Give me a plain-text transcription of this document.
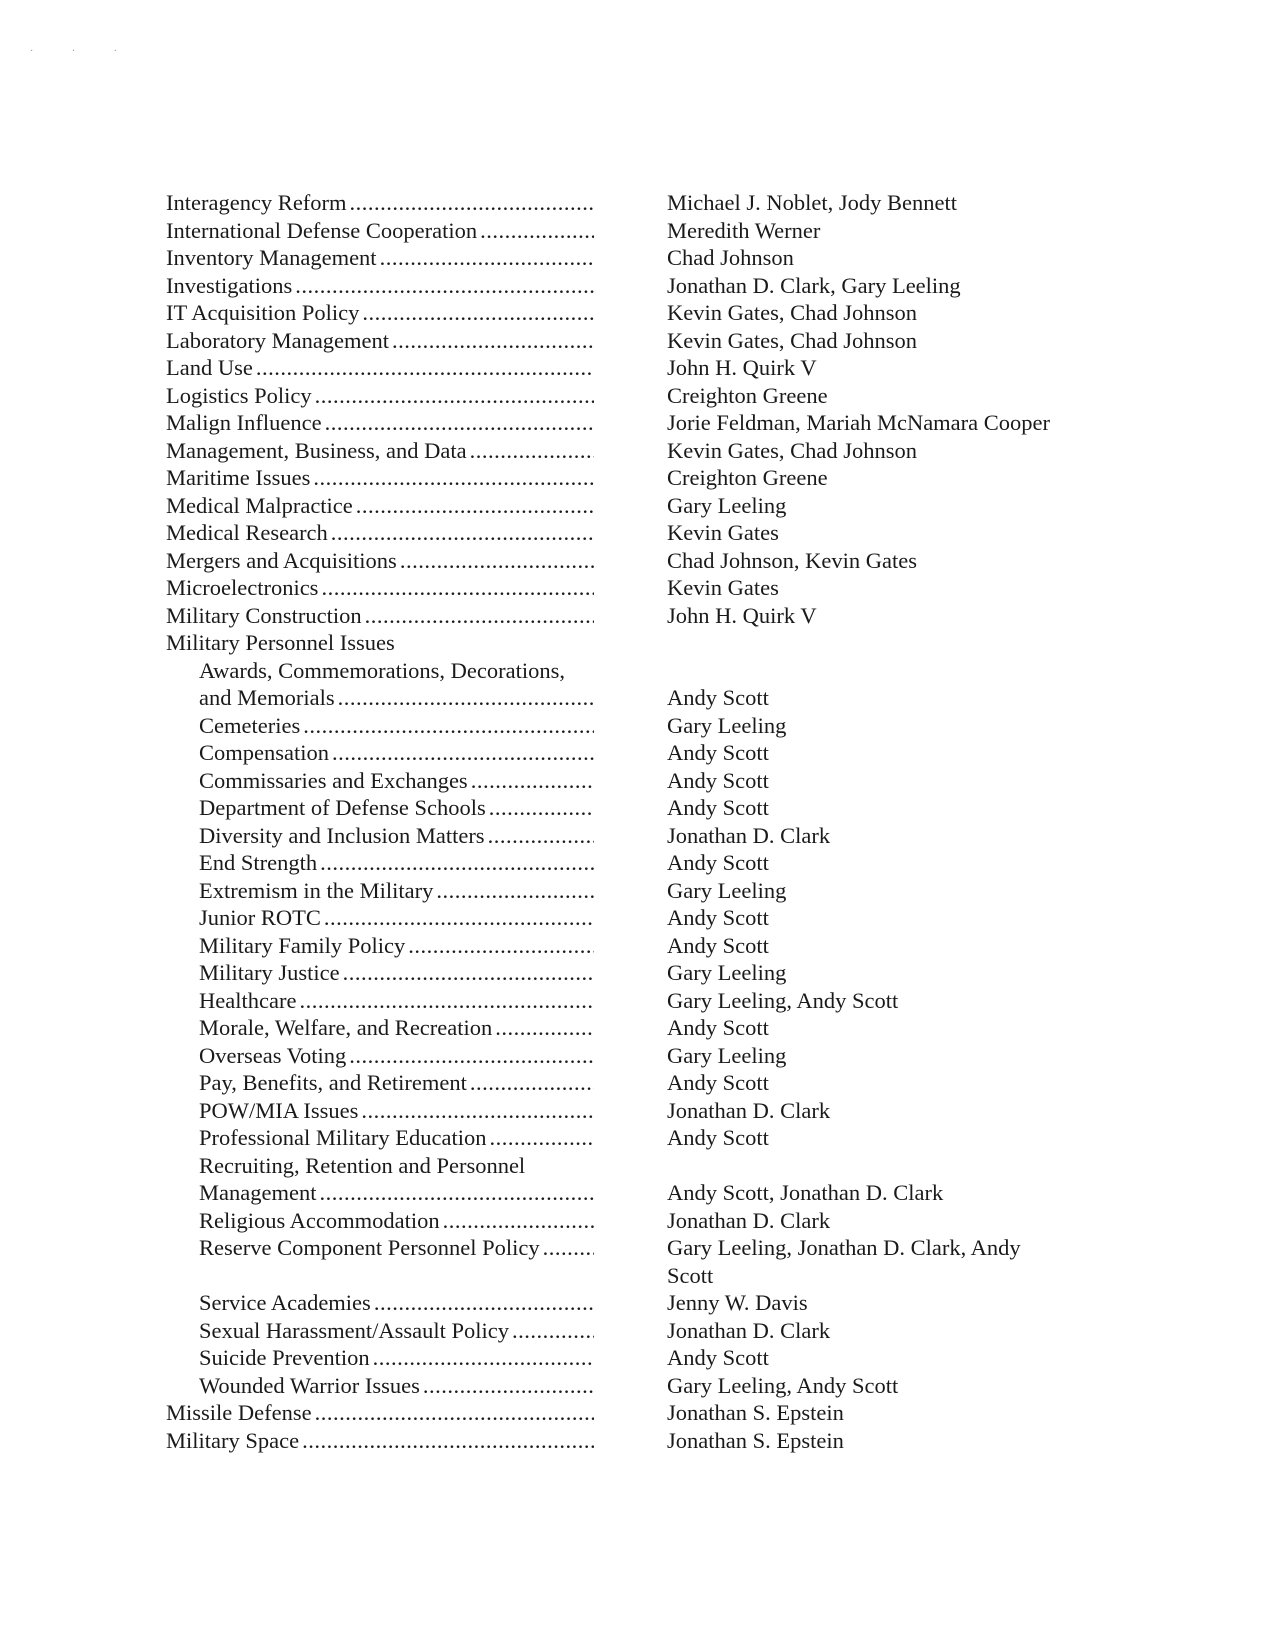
· · ·
Interagency Reform .....	Michael J. Noblet, Jody Bennett
International Defense Cooperation .....	Meredith Werner
Inventory Management .....	Chad Johnson
Investigations .....	Jonathan D. Clark, Gary Leeling
IT Acquisition Policy .....	Kevin Gates, Chad Johnson
Laboratory Management .....	Kevin Gates, Chad Johnson
Land Use .....	John H. Quirk V
Logistics Policy .....	Creighton Greene
Malign Influence .....	Jorie Feldman, Mariah McNamara Cooper
Management, Business, and Data .....	Kevin Gates, Chad Johnson
Maritime Issues .....	Creighton Greene
Medical Malpractice .....	Gary Leeling
Medical Research .....	Kevin Gates
Mergers and Acquisitions .....	Chad Johnson, Kevin Gates
Microelectronics .....	Kevin Gates
Military Construction .....	John H. Quirk V
Military Personnel Issues

Awards, Commemorations, Decorations,
and Memorials .....	Andy Scott
Cemeteries .....	Gary Leeling
Compensation .....	Andy Scott
Commissaries and Exchanges .....	Andy Scott
Department of Defense Schools .....	Andy Scott
Diversity and Inclusion Matters .....	Jonathan D. Clark
End Strength .....	Andy Scott
Extremism in the Military .....	Gary Leeling
Junior ROTC .....	Andy Scott
Military Family Policy .....	Andy Scott
Military Justice .....	Gary Leeling
Healthcare .....	Gary Leeling, Andy Scott
Morale, Welfare, and Recreation .....	Andy Scott
Overseas Voting .....	Gary Leeling
Pay, Benefits, and Retirement .....	Andy Scott
POW/MIA Issues .....	Jonathan D. Clark
Professional Military Education .....	Andy Scott
Recruiting, Retention and Personnel
Management .....	Andy Scott, Jonathan D. Clark
Religious Accommodation .....	Jonathan D. Clark
Reserve Component Personnel Policy .....	Gary Leeling, Jonathan D. Clark, Andy
Scott
Service Academies .....	Jenny W. Davis
Sexual Harassment/Assault Policy .....	Jonathan D. Clark
Suicide Prevention .....	Andy Scott
Wounded Warrior Issues .....	Gary Leeling, Andy Scott
Missile Defense .....	Jonathan S. Epstein
Military Space .....	Jonathan S. Epstein
